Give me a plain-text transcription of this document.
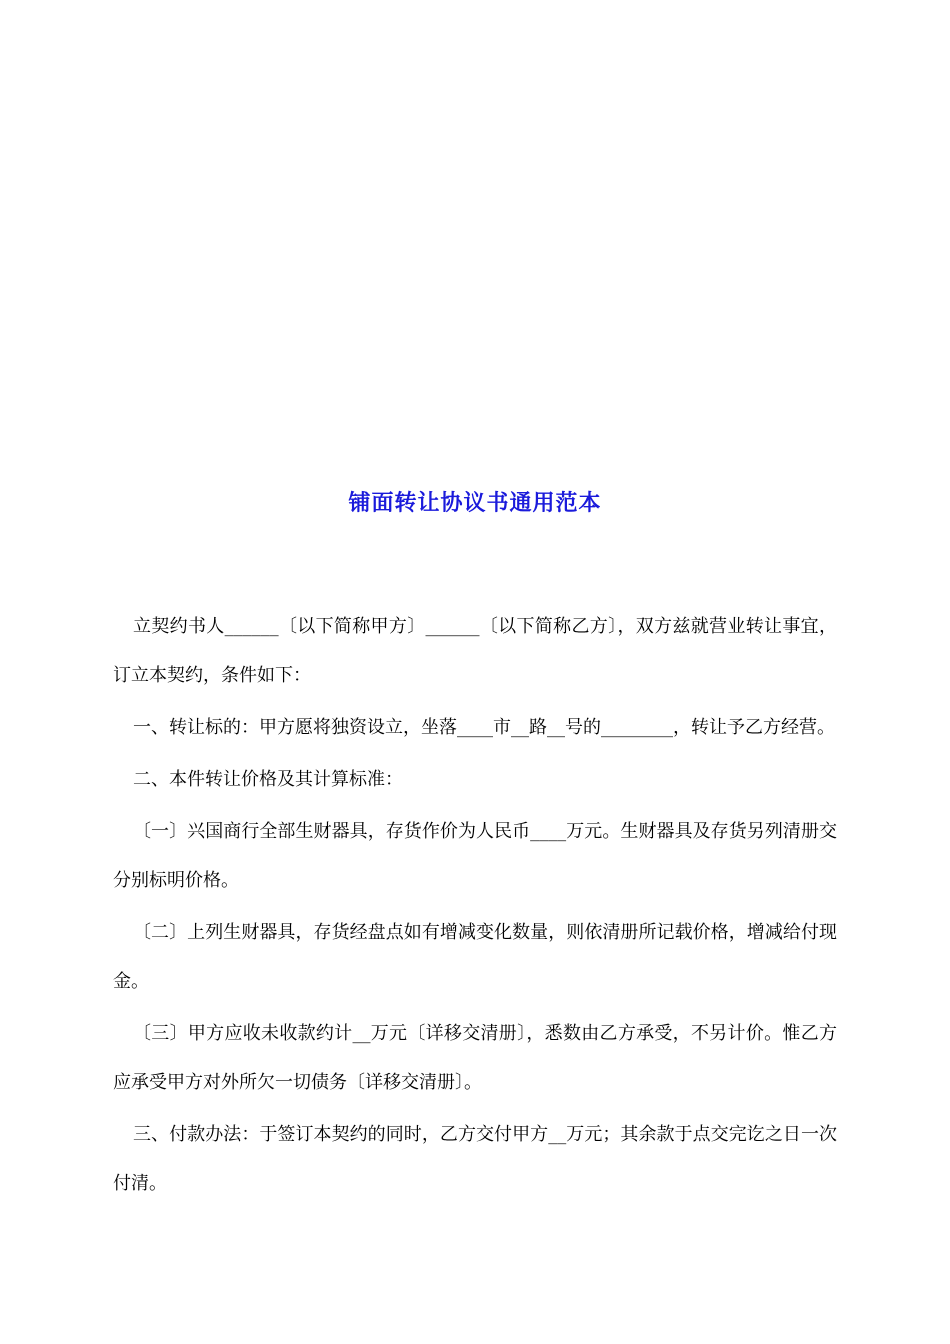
铺面转让协议书通用范本

立契约书人______〔以下简称甲方〕______〔以下简称乙方〕，双方兹就营业转让事宜，订立本契约，条件如下：

一、转让标的：甲方愿将独资设立，坐落____市__路__号的________，转让予乙方经营。

二、本件转让价格及其计算标准：

〔一〕兴国商行全部生财器具，存货作价为人民币____万元。生财器具及存货另列清册交分别标明价格。

〔二〕上列生财器具，存货经盘点如有增减变化数量，则依清册所记载价格，增减给付现金。

〔三〕甲方应收未收款约计__万元〔详移交清册〕，悉数由乙方承受，不另计价。惟乙方应承受甲方对外所欠一切债务〔详移交清册〕。

三、付款办法：于签订本契约的同时，乙方交付甲方__万元；其余款于点交完讫之日一次付清。
